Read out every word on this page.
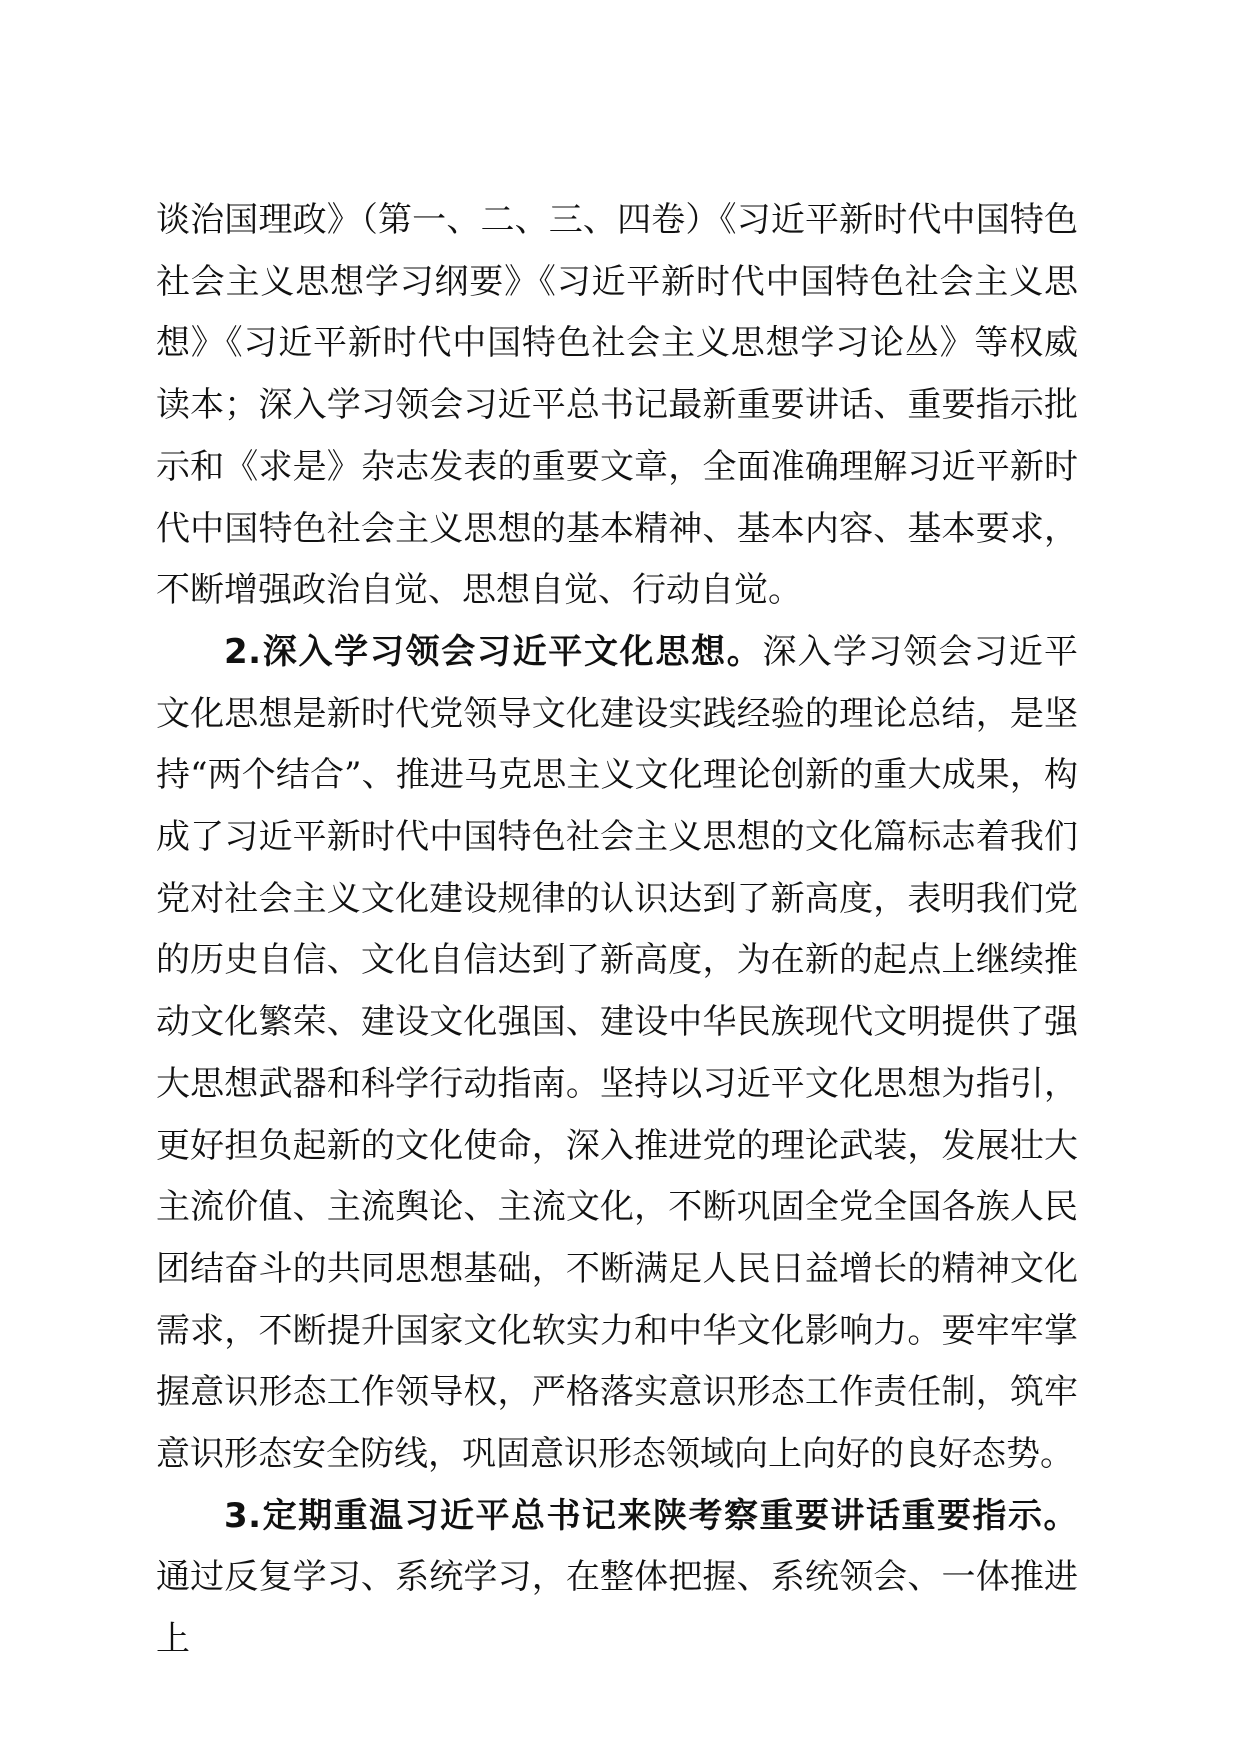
谈治国理政》（第一、二、三、四卷）《习近平新时代中国特色社会主义思想学习纲要》《习近平新时代中国特色社会主义思想》《习近平新时代中国特色社会主义思想学习论丛》等权威读本；深入学习领会习近平总书记最新重要讲话、重要指示批示和《求是》杂志发表的重要文章，全面准确理解习近平新时代中国特色社会主义思想的基本精神、基本内容、基本要求，不断增强政治自觉、思想自觉、行动自觉。

2.深入学习领会习近平文化思想。深入学习领会习近平文化思想是新时代党领导文化建设实践经验的理论总结，是坚持“两个结合”、推进马克思主义文化理论创新的重大成果，构成了习近平新时代中国特色社会主义思想的文化篇标志着我们党对社会主义文化建设规律的认识达到了新高度，表明我们党的历史自信、文化自信达到了新高度，为在新的起点上继续推动文化繁荣、建设文化强国、建设中华民族现代文明提供了强大思想武器和科学行动指南。坚持以习近平文化思想为指引，更好担负起新的文化使命，深入推进党的理论武装，发展壮大主流价值、主流舆论、主流文化，不断巩固全党全国各族人民团结奋斗的共同思想基础，不断满足人民日益增长的精神文化需求，不断提升国家文化软实力和中华文化影响力。要牢牢掌握意识形态工作领导权，严格落实意识形态工作责任制，筑牢意识形态安全防线，巩固意识形态领域向上向好的良好态势。

3.定期重温习近平总书记来陕考察重要讲话重要指示。通过反复学习、系统学习，在整体把握、系统领会、一体推进上
